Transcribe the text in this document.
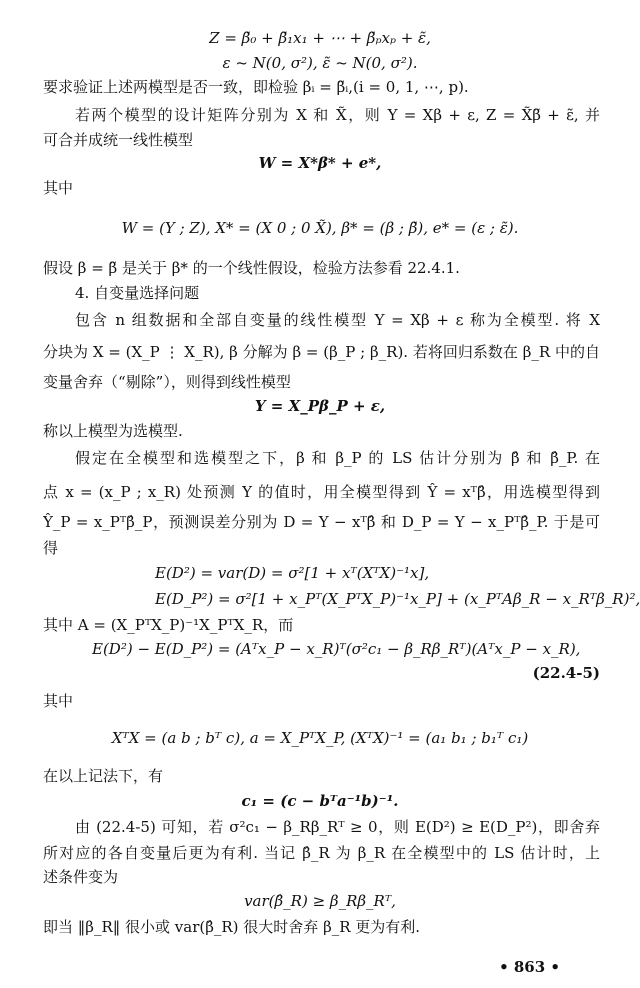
Z = β̃₀ + β̃₁x₁ + ⋯ + β̃ₚxₚ + ε̃,
ε ~ N(0, σ²), ε̃ ~ N(0, σ²).
要求验证上述两模型是否一致，即检验 βᵢ = β̃ᵢ,(i = 0, 1, ⋯, p).
若两个模型的设计矩阵分别为 X 和 X̃，则 Y = Xβ + ε, Z = X̃β̃ + ε̃, 并
可合并成统一线性模型
W = X*β* + e*,
其中
W = (Y ; Z), X* = (X 0 ; 0 X̃), β* = (β ; β̃), e* = (ε ; ε̃).
假设 β = β̃ 是关于 β* 的一个线性假设，检验方法参看 22.4.1.
4. 自变量选择问题
包含 n 组数据和全部自变量的线性模型 Y = Xβ + ε 称为全模型. 将 X
分块为 X = (X_P ⋮ X_R), β 分解为 β = (β_P ; β_R). 若将回归系数在 β_R 中的自
变量舍弃（“剔除”），则得到线性模型
Y = X_Pβ_P + ε,
称以上模型为选模型.
假定在全模型和选模型之下，β 和 β_P 的 LS 估计分别为 β̂ 和 β̂_P. 在
点 x = (x_P ; x_R) 处预测 Y 的值时，用全模型得到 Ŷ = xᵀβ̂，用选模型得到
Ŷ_P = x_Pᵀβ̂_P，预测误差分别为 D = Y − xᵀβ̂ 和 D_P = Y − x_Pᵀβ̂_P. 于是可
得
E(D²) = var(D) = σ²[1 + xᵀ(XᵀX)⁻¹x],
E(D_P²) = σ²[1 + x_Pᵀ(X_PᵀX_P)⁻¹x_P] + (x_PᵀAβ_R − x_Rᵀβ_R)²,
其中 A = (X_PᵀX_P)⁻¹X_PᵀX_R，而
E(D²) − E(D_P²) = (Aᵀx_P − x_R)ᵀ(σ²c₁ − β_Rβ_Rᵀ)(Aᵀx_P − x_R),
(22.4-5)
其中
XᵀX = (a b ; bᵀ c), a = X_PᵀX_P, (XᵀX)⁻¹ = (a₁ b₁ ; b₁ᵀ c₁)
在以上记法下，有
c₁ = (c − bᵀa⁻¹b)⁻¹.
由 (22.4-5) 可知，若 σ²c₁ − β_Rβ_Rᵀ ≥ 0，则 E(D²) ≥ E(D_P²)，即舍弃
所对应的各自变量后更为有利. 当记 β̂_R 为 β_R 在全模型中的 LS 估计时，上
述条件变为
var(β̂_R) ≥ β_Rβ_Rᵀ,
即当 ‖β_R‖ 很小或 var(β̂_R) 很大时舍弃 β_R 更为有利.
• 863 •
